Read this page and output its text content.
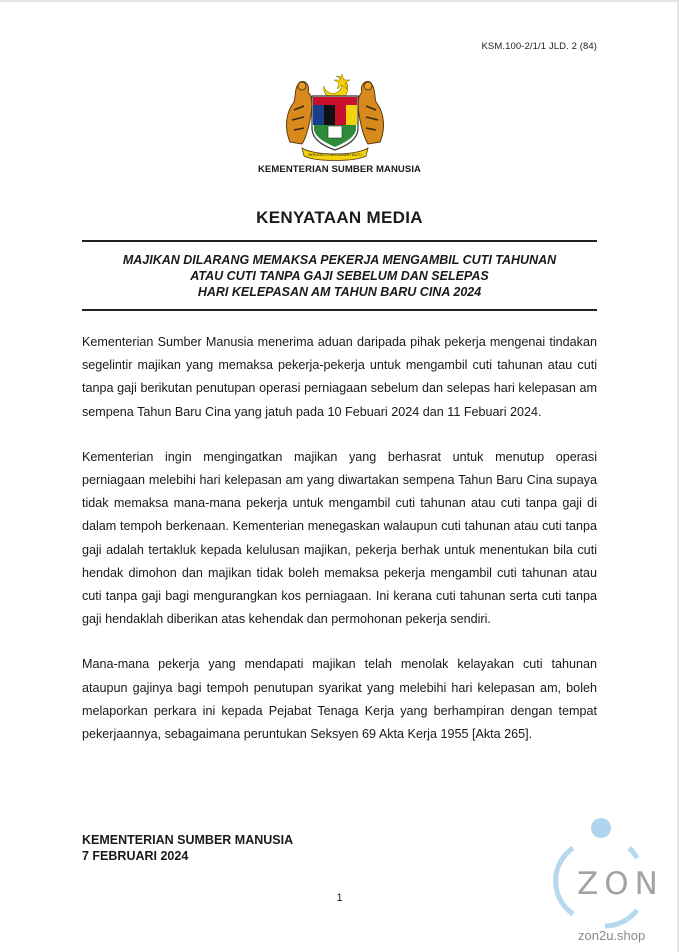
KSM.100-2/1/1 JLD. 2 (84)
BERSEKUTU BERTAMBAH MUTU
KEMENTERIAN SUMBER MANUSIA
KENYATAAN MEDIA
MAJIKAN DILARANG MEMAKSA PEKERJA MENGAMBIL CUTI TAHUNAN
ATAU CUTI TANPA GAJI SEBELUM DAN SELEPAS
HARI KELEPASAN AM TAHUN BARU CINA 2024

Kementerian Sumber Manusia menerima aduan daripada pihak pekerja mengenai tindakan segelintir majikan yang memaksa pekerja-pekerja untuk mengambil cuti tahunan atau cuti tanpa gaji berikutan penutupan operasi perniagaan sebelum dan selepas hari kelepasan am sempena Tahun Baru Cina yang jatuh pada 10 Febuari 2024 dan 11 Febuari 2024.

Kementerian ingin mengingatkan majikan yang berhasrat untuk menutup operasi perniagaan melebihi hari kelepasan am yang diwartakan sempena Tahun Baru Cina supaya tidak memaksa mana-mana pekerja untuk mengambil cuti tahunan atau cuti tanpa gaji di dalam tempoh berkenaan. Kementerian menegaskan walaupun cuti tahunan atau cuti tanpa gaji adalah tertakluk kepada kelulusan majikan, pekerja berhak untuk menentukan bila cuti hendak dimohon dan majikan tidak boleh memaksa pekerja mengambil cuti tahunan atau cuti tanpa gaji bagi mengurangkan kos perniagaan. Ini kerana cuti tahunan serta cuti tanpa gaji hendaklah diberikan atas kehendak dan permohonan pekerja sendiri.

Mana-mana pekerja yang mendapati majikan telah menolak kelayakan cuti tahunan ataupun gajinya bagi tempoh penutupan syarikat yang melebihi hari kelepasan am, boleh melaporkan perkara ini kepada Pejabat Tenaga Kerja yang berhampiran dengan tempat pekerjaannya, sebagaimana peruntukan Seksyen 69 Akta Kerja 1955 [Akta 265].

KEMENTERIAN SUMBER MANUSIA
7 FEBRUARI 2024
1	ZON
zon2u.shop
